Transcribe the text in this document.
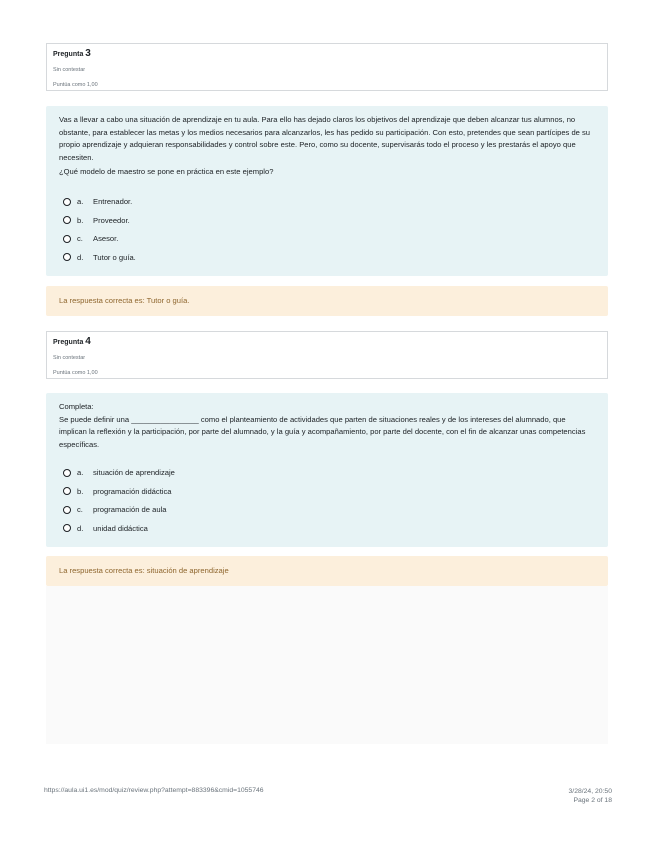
Pregunta 3
Sin contestar
Puntúa como 1,00
Vas a llevar a cabo una situación de aprendizaje en tu aula. Para ello has dejado claros los objetivos del aprendizaje que deben alcanzar tus alumnos, no obstante, para establecer las metas y los medios necesarios para alcanzarlos, les has pedido su participación. Con esto, pretendes que sean partícipes de su propio aprendizaje y adquieran responsabilidades y control sobre este. Pero, como su docente, supervisarás todo el proceso y les prestarás el apoyo que necesiten.
¿Qué modelo de maestro se pone en práctica en este ejemplo?
a.	Entrenador.
b.	Proveedor.
c.	Asesor.
d.	Tutor o guía.
La respuesta correcta es: Tutor o guía.
Pregunta 4
Sin contestar
Puntúa como 1,00
Completa:
Se puede definir una ________________ como el planteamiento de actividades que parten de situaciones reales y de los intereses del alumnado, que implican la reflexión y la participación, por parte del alumnado, y la guía y acompañamiento, por parte del docente, con el fin de alcanzar unas competencias específicas.
a.	situación de aprendizaje
b.	programación didáctica
c.	programación de aula
d.	unidad didáctica
La respuesta correcta es: situación de aprendizaje
https://aula.ui1.es/mod/quiz/review.php?attempt=883396&cmid=1055746	3/28/24, 20:50
Page 2 of 18
